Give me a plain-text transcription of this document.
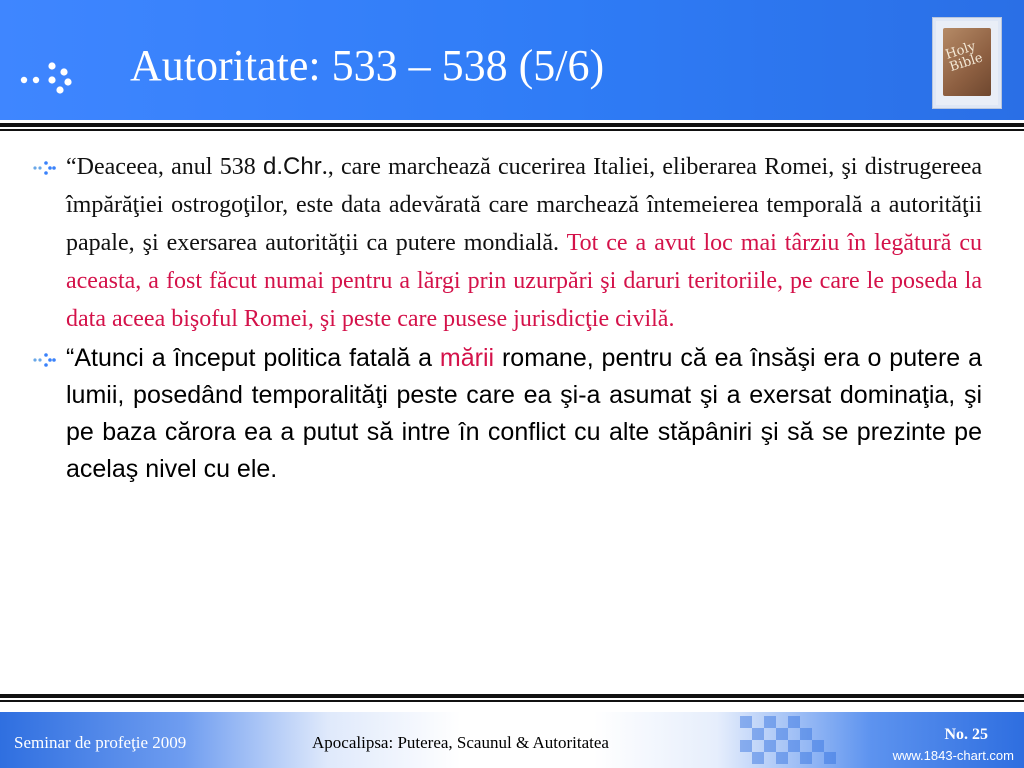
Autoritate: 533 – 538 (5/6)	Holy Bible

“Deaceea, anul 538 d.Chr., care marchează cucerirea Italiei, eliberarea Romei, şi distrugereea împărăţiei ostrogoţilor, este data adevărată care marchează întemeierea temporală a autorităţii papale, şi exersarea autorităţii ca putere mondială. Tot ce a avut loc mai târziu în legătură cu aceasta, a fost făcut numai pentru a lărgi prin uzurpări şi daruri teritoriile, pe care le poseda la data aceea bişoful Romei, şi peste care pusese jurisdicţie civilă.

“Atunci a început politica fatală a mării romane, pentru că ea însăşi era o putere a lumii, posedând temporalităţi peste care ea şi-a asumat şi a exersat dominaţia, şi pe baza cărora ea a putut să intre în conflict cu alte stăpâniri şi să se prezinte pe acelaş nivel cu ele.

Seminar de profeţie 2009	Apocalipsa: Puterea, Scaunul & Autoritatea	No. 25
www.1843-chart.com
